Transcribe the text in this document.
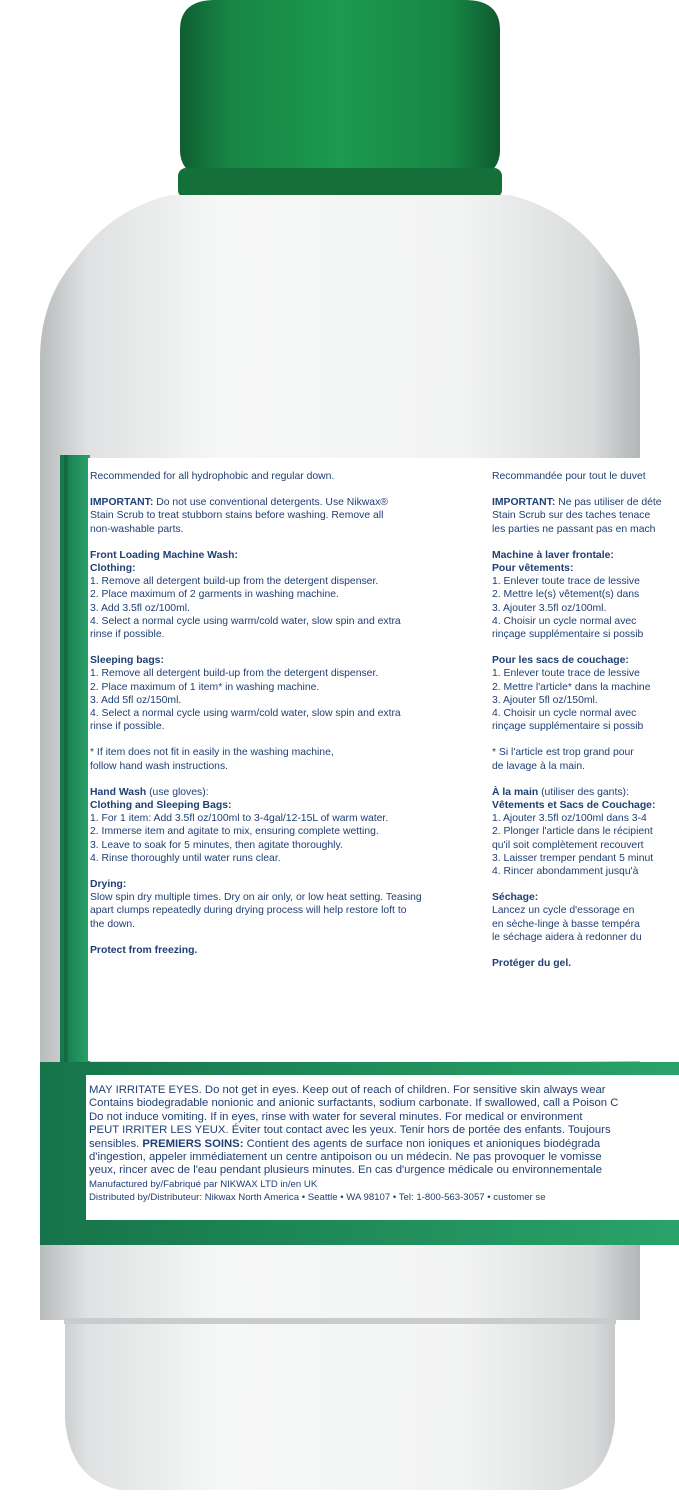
Recommended for all hydrophobic and regular down.

IMPORTANT: Do not use conventional detergents. Use Nikwax®
Stain Scrub to treat stubborn stains before washing. Remove all
non-washable parts.

Front Loading Machine Wash:
Clothing:
1. Remove all detergent build-up from the detergent dispenser.
2. Place maximum of 2 garments in washing machine.
3. Add 3.5fl oz/100ml.
4. Select a normal cycle using warm/cold water, slow spin and extra
rinse if possible.

Sleeping bags:
1. Remove all detergent build-up from the detergent dispenser.
2. Place maximum of 1 item* in washing machine.
3. Add 5fl oz/150ml.
4. Select a normal cycle using warm/cold water, slow spin and extra
rinse if possible.

* If item does not fit in easily in the washing machine,
follow hand wash instructions.

Hand Wash (use gloves):
Clothing and Sleeping Bags:
1. For 1 item: Add 3.5fl oz/100ml to 3-4gal/12-15L of warm water.
2. Immerse item and agitate to mix, ensuring complete wetting.
3. Leave to soak for 5 minutes, then agitate thoroughly.
4. Rinse thoroughly until water runs clear.

Drying:
Slow spin dry multiple times. Dry on air only, or low heat setting. Teasing
apart clumps repeatedly during drying process will help restore loft to
the down.

Protect from freezing.

Recommandée pour tout le duvet

IMPORTANT: Ne pas utiliser de déte
Stain Scrub sur des taches tenace
les parties ne passant pas en mach

Machine à laver frontale:
Pour vêtements:
1. Enlever toute trace de lessive
2. Mettre le(s) vêtement(s) dans
3. Ajouter 3.5fl oz/100ml.
4. Choisir un cycle normal avec
rinçage supplémentaire si possib

Pour les sacs de couchage:
1. Enlever toute trace de lessive
2. Mettre l'article* dans la machine
3. Ajouter 5fl oz/150ml.
4. Choisir un cycle normal avec
rinçage supplémentaire si possib

* Si l'article est trop grand pour
de lavage à la main.

À la main (utiliser des gants):
Vêtements et Sacs de Couchage:
1. Ajouter 3.5fl oz/100ml dans 3-4
2. Plonger l'article dans le récipient
qu'il soit complètement recouvert
3. Laisser tremper pendant 5 minut
4. Rincer abondamment jusqu'à

Séchage:
Lancez un cycle d'essorage en
en sèche-linge à basse tempéra
le séchage aidera à redonner du

Protéger du gel.

MAY IRRITATE EYES. Do not get in eyes. Keep out of reach of children. For sensitive skin always wear
Contains biodegradable nonionic and anionic surfactants, sodium carbonate. If swallowed, call a Poison C
Do not induce vomiting. If in eyes, rinse with water for several minutes. For medical or environment
PEUT IRRITER LES YEUX. Éviter tout contact avec les yeux. Tenir hors de portée des enfants. Toujours
sensibles. PREMIERS SOINS: Contient des agents de surface non ioniques et anioniques biodégrada
d'ingestion, appeler immédiatement un centre antipoison ou un médecin. Ne pas provoquer le vomisse
yeux, rincer avec de l'eau pendant plusieurs minutes. En cas d'urgence médicale ou environnementale
Manufactured by/Fabriqué par NIKWAX LTD in/en UK
Distributed by/Distributeur: Nikwax North America • Seattle • WA 98107 • Tel: 1-800-563-3057 • customer se
